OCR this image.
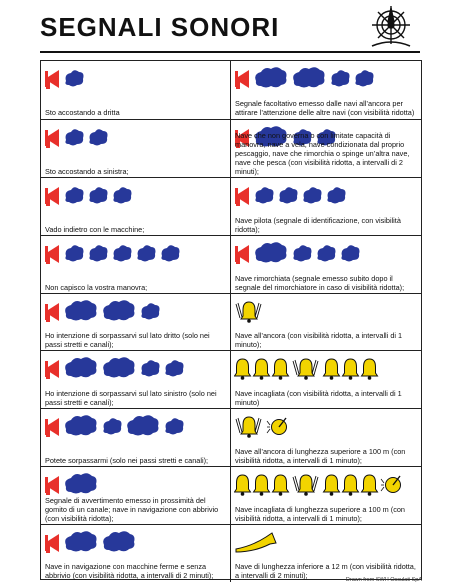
SEGNALI SONORI
Sto accostando a dritta
Segnale facoltativo emesso dalle navi all’ancora per attirare l’attenzione delle altre navi (con visibilità ridotta)
Sto accostando a sinistra;
Nave che non governa o con limitate capacità di manovra, nave a vela, nave condizionata dal proprio pescaggio, nave che rimorchia o spinge un’altra nave, nave che pesca (con visibilità ridotta, a intervalli di 2 minuti);
Vado indietro con le macchine;
Nave pilota (segnale di identificazione, con visibilità ridotta);
Non capisco la vostra manovra;
Nave rimorchiata (segnale emesso subito dopo il segnale del rimorchiatore in caso di visibilità ridotta);
Ho intenzione di sorpassarvi sul lato dritto (solo nei passi stretti e canali);
Nave all’ancora (con visibilità ridotta, a intervalli di 1 minuto);
Ho intenzione di sorpassarvi sul lato sinistro (solo nei passi stretti e canali);
Nave incagliata (con visibilità ridotta, a intervalli di 1 minuto)
Potete sorpassarmi (solo nei passi stretti e canali);
Nave all’ancora di lunghezza superiore a 100 m (con visibilità ridotta, a intervalli di 1 minuto);
Segnale di avvertimento emesso in prossimità del gomito di un canale; nave in navigazione con abbrivio (con visibilità ridotta);
Nave incagliata di lunghezza superiore a 100 m (con visibilità ridotta, a intervalli di 1 minuto);
Nave in navigazione con macchine ferme e senza abbrivio (con visibilità ridotta, a intervalli di 2 minuti);
Nave di lunghezza inferiore a 12 m (con visibilità ridotta, a intervalli di 2 minuti);	Drawn from SWH Osculati SpA
